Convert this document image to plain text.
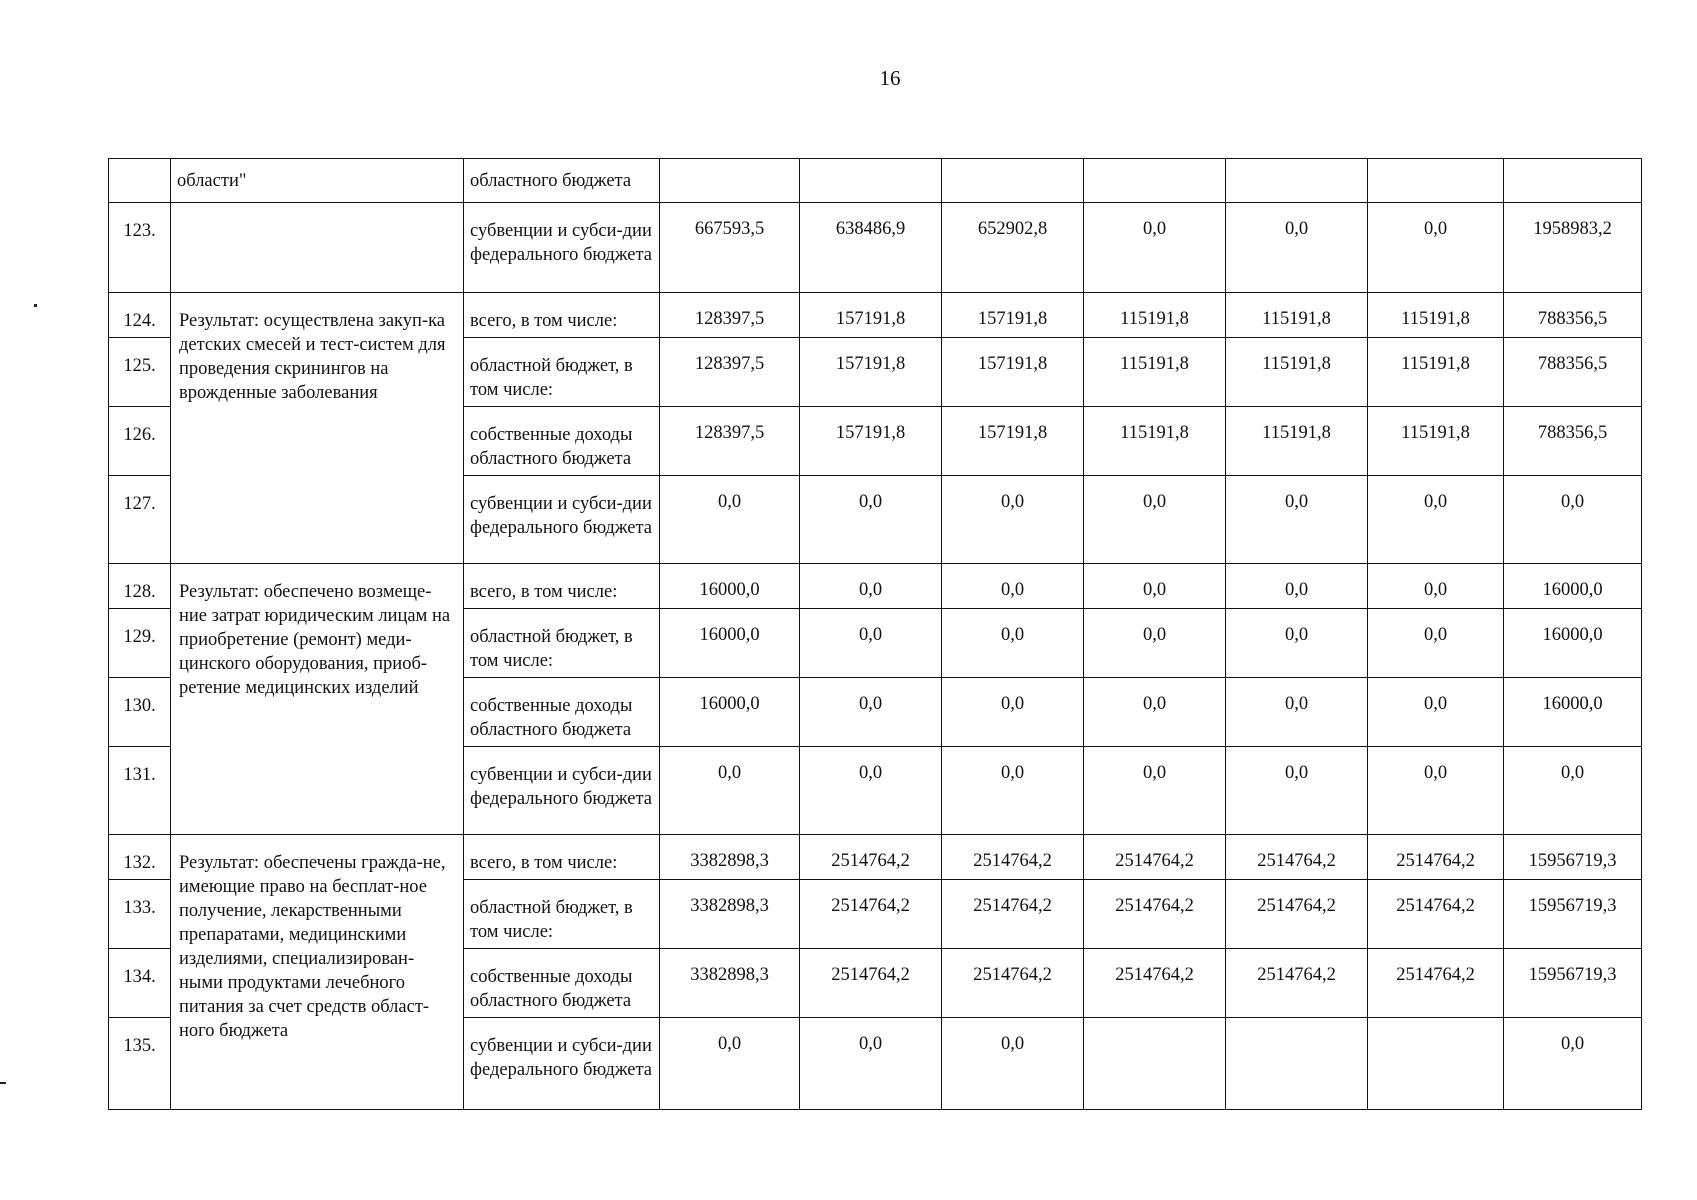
16
	области"	областного бюджета							
123.		субвенции и субси-дии федерального бюджета	667593,5	638486,9	652902,8	0,0	0,0	0,0	1958983,2
124.	Результат: осуществлена закуп-ка детских смесей и тест-систем для проведения скринингов на врожденные заболевания	всего, в том числе:	128397,5	157191,8	157191,8	115191,8	115191,8	115191,8	788356,5
125.		областной бюджет, в том числе:	128397,5	157191,8	157191,8	115191,8	115191,8	115191,8	788356,5
126.		собственные доходы областного бюджета	128397,5	157191,8	157191,8	115191,8	115191,8	115191,8	788356,5
127.		субвенции и субси-дии федерального бюджета	0,0	0,0	0,0	0,0	0,0	0,0	0,0
128.	Результат: обеспечено возмеще-ние затрат юридическим лицам на приобретение (ремонт) меди-цинского оборудования, приоб-ретение медицинских изделий	всего, в том числе:	16000,0	0,0	0,0	0,0	0,0	0,0	16000,0
129.		областной бюджет, в том числе:	16000,0	0,0	0,0	0,0	0,0	0,0	16000,0
130.		собственные доходы областного бюджета	16000,0	0,0	0,0	0,0	0,0	0,0	16000,0
131.		субвенции и субси-дии федерального бюджета	0,0	0,0	0,0	0,0	0,0	0,0	0,0
132.	Результат: обеспечены гражда-не, имеющие право на бесплат-ное получение, лекарственными препаратами, медицинскими изделиями, специализирован-ными продуктами лечебного питания за счет средств област-ного бюджета	всего, в том числе:	3382898,3	2514764,2	2514764,2	2514764,2	2514764,2	2514764,2	15956719,3
133.		областной бюджет, в том числе:	3382898,3	2514764,2	2514764,2	2514764,2	2514764,2	2514764,2	15956719,3
134.		собственные доходы областного бюджета	3382898,3	2514764,2	2514764,2	2514764,2	2514764,2	2514764,2	15956719,3
135.		субвенции и субси-дии федерального бюджета	0,0	0,0	0,0				0,0
